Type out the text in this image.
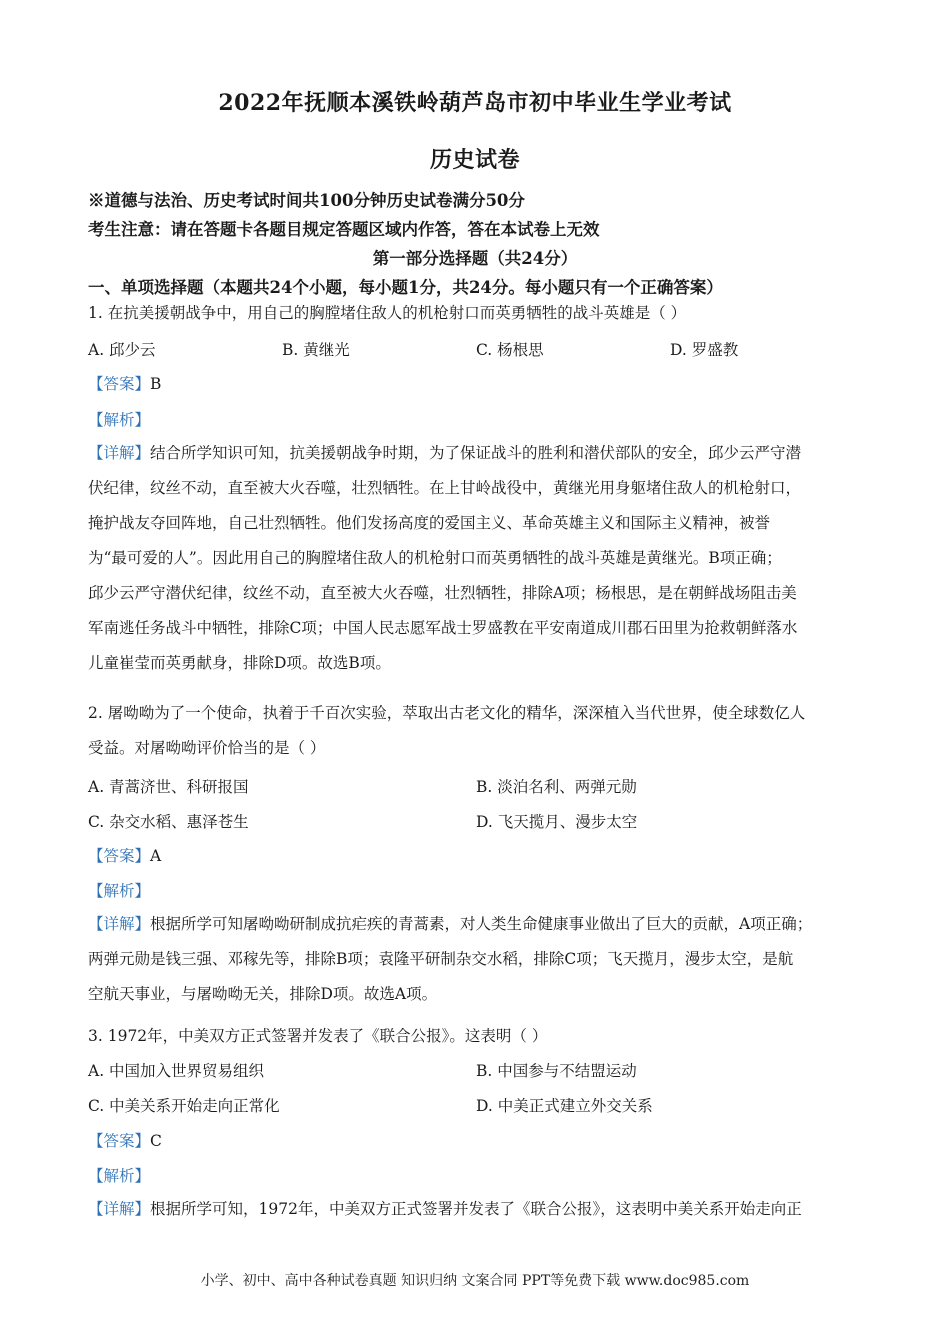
2022年抚顺本溪铁岭葫芦岛市初中毕业生学业考试
历史试卷
※道德与法治、历史考试时间共100分钟历史试卷满分50分
考生注意：请在答题卡各题目规定答题区域内作答，答在本试卷上无效
第一部分选择题（共24分）
一、单项选择题（本题共24个小题，每小题1分，共24分。每小题只有一个正确答案）
1. 在抗美援朝战争中，用自己的胸膛堵住敌人的机枪射口而英勇牺牲的战斗英雄是（ ）
A. 邱少云	B. 黄继光	C. 杨根思	D. 罗盛教
【答案】B
【解析】

【详解】结合所学知识可知，抗美援朝战争时期，为了保证战斗的胜利和潜伏部队的安全，邱少云严守潜

伏纪律，纹丝不动，直至被大火吞噬，壮烈牺牲。在上甘岭战役中，黄继光用身躯堵住敌人的机枪射口，

掩护战友夺回阵地，自己壮烈牺牲。他们发扬高度的爱国主义、革命英雄主义和国际主义精神，被誉

为“最可爱的人”。因此用自己的胸膛堵住敌人的机枪射口而英勇牺牲的战斗英雄是黄继光。B项正确；

邱少云严守潜伏纪律，纹丝不动，直至被大火吞噬，壮烈牺牲，排除A项；杨根思，是在朝鲜战场阻击美

军南逃任务战斗中牺牲，排除C项；中国人民志愿军战士罗盛教在平安南道成川郡石田里为抢救朝鲜落水

儿童崔莹而英勇献身，排除D项。故选B项。

2. 屠呦呦为了一个使命，执着于千百次实验，萃取出古老文化的精华，深深植入当代世界，使全球数亿人

受益。对屠呦呦评价恰当的是（ ）

A. 青蒿济世、科研报国	B. 淡泊名利、两弹元勋
C. 杂交水稻、惠泽苍生	D. 飞天揽月、漫步太空
【答案】A
【解析】

【详解】根据所学可知屠呦呦研制成抗疟疾的青蒿素，对人类生命健康事业做出了巨大的贡献，A项正确；

两弹元勋是钱三强、邓稼先等，排除B项；袁隆平研制杂交水稻，排除C项；飞天揽月，漫步太空，是航

空航天事业，与屠呦呦无关，排除D项。故选A项。

3. 1972年，中美双方正式签署并发表了《联合公报》。这表明（ ）
A. 中国加入世界贸易组织	B. 中国参与不结盟运动
C. 中美关系开始走向正常化	D. 中美正式建立外交关系
【答案】C
【解析】

【详解】根据所学可知，1972年，中美双方正式签署并发表了《联合公报》，这表明中美关系开始走向正

小学、初中、高中各种试卷真题 知识归纳 文案合同 PPT等免费下载 www.doc985.com
